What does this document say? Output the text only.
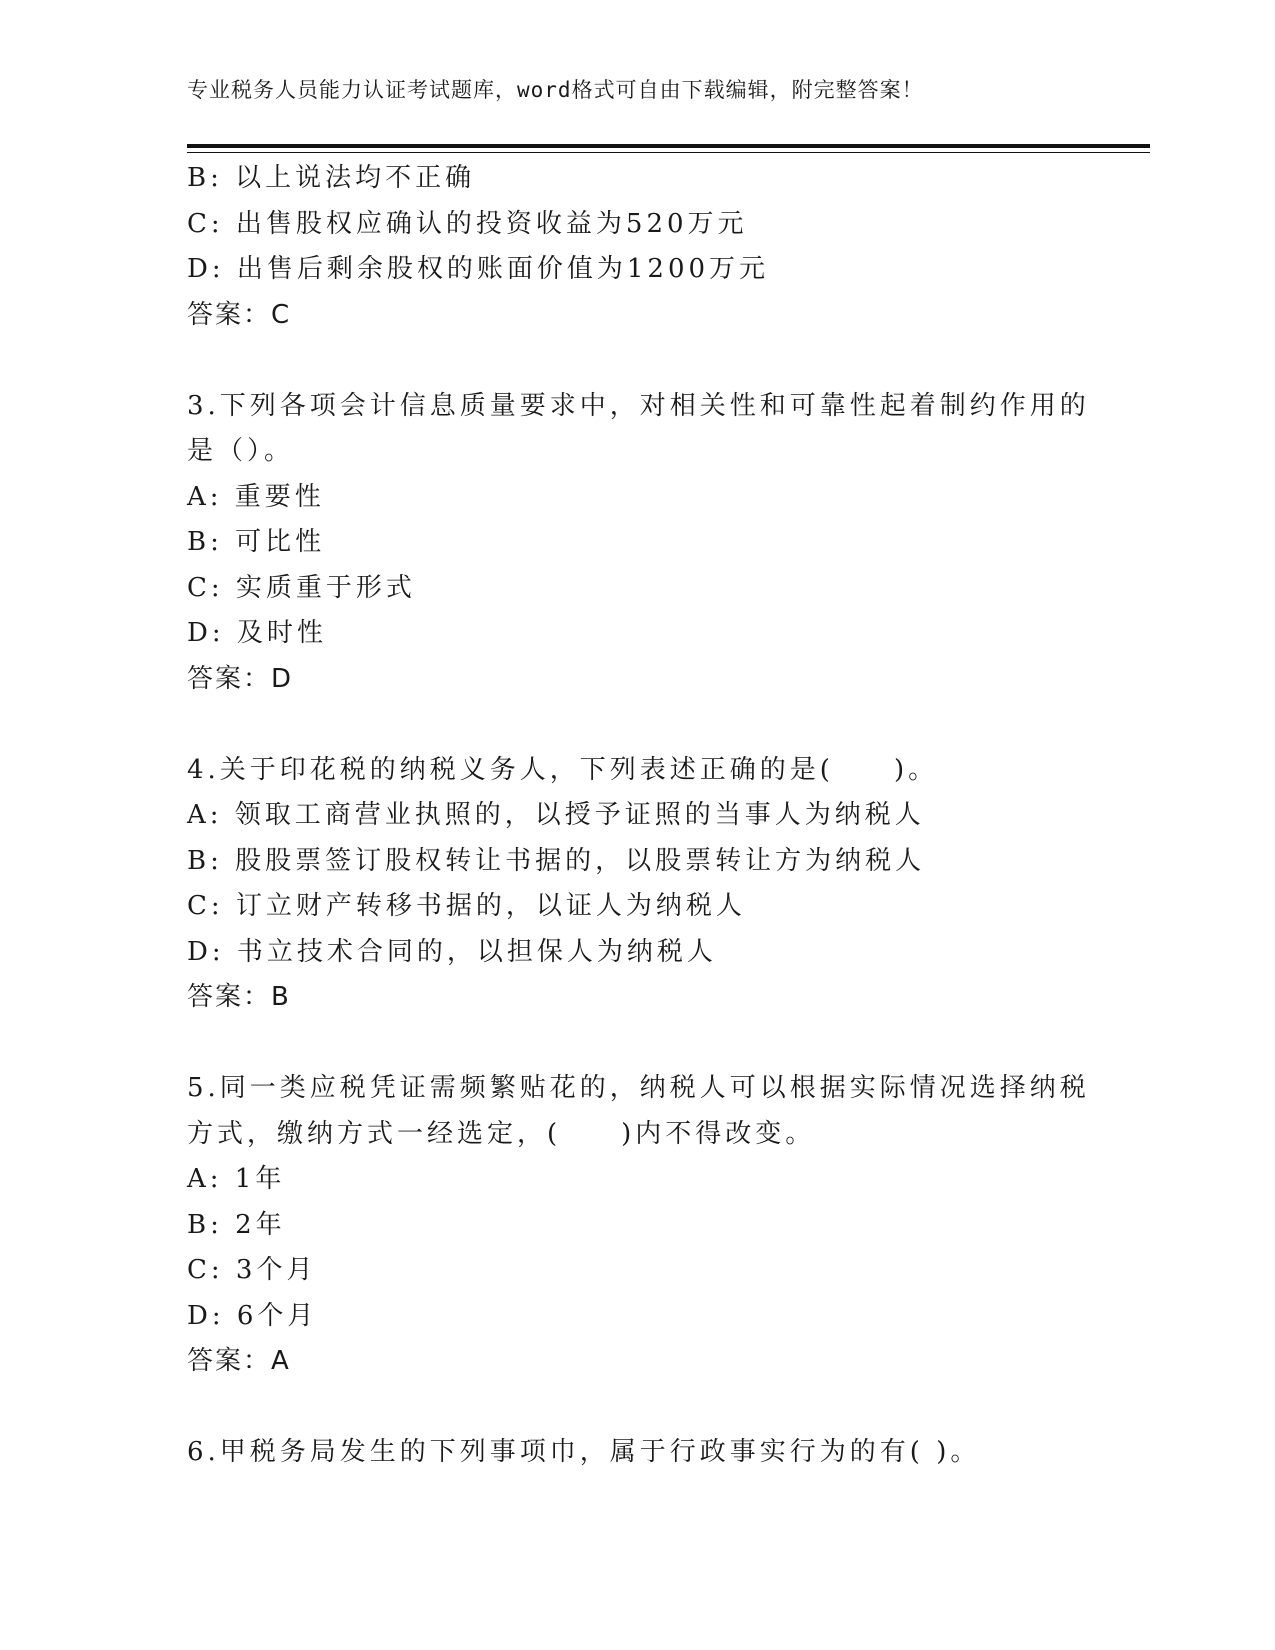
专业税务人员能力认证考试题库，word格式可自由下载编辑，附完整答案！
B: 以上说法均不正确
C: 出售股权应确认的投资收益为520万元
D: 出售后剩余股权的账面价值为1200万元
答案：C
3.下列各项会计信息质量要求中，对相关性和可靠性起着制约作用的
是（）。
A: 重要性
B: 可比性
C: 实质重于形式
D: 及时性
答案：D
4.关于印花税的纳税义务人，下列表述正确的是(　　)。
A: 领取工商营业执照的，以授予证照的当事人为纳税人
B: 股股票签订股权转让书据的，以股票转让方为纳税人
C: 订立财产转移书据的，以证人为纳税人
D: 书立技术合同的，以担保人为纳税人
答案：B
5.同一类应税凭证需频繁贴花的，纳税人可以根据实际情况选择纳税
方式，缴纳方式一经选定，(　　)内不得改变。
A: 1年
B: 2年
C: 3个月
D: 6个月
答案：A
6.甲税务局发生的下列事项巾，属于行政事实行为的有( )。
